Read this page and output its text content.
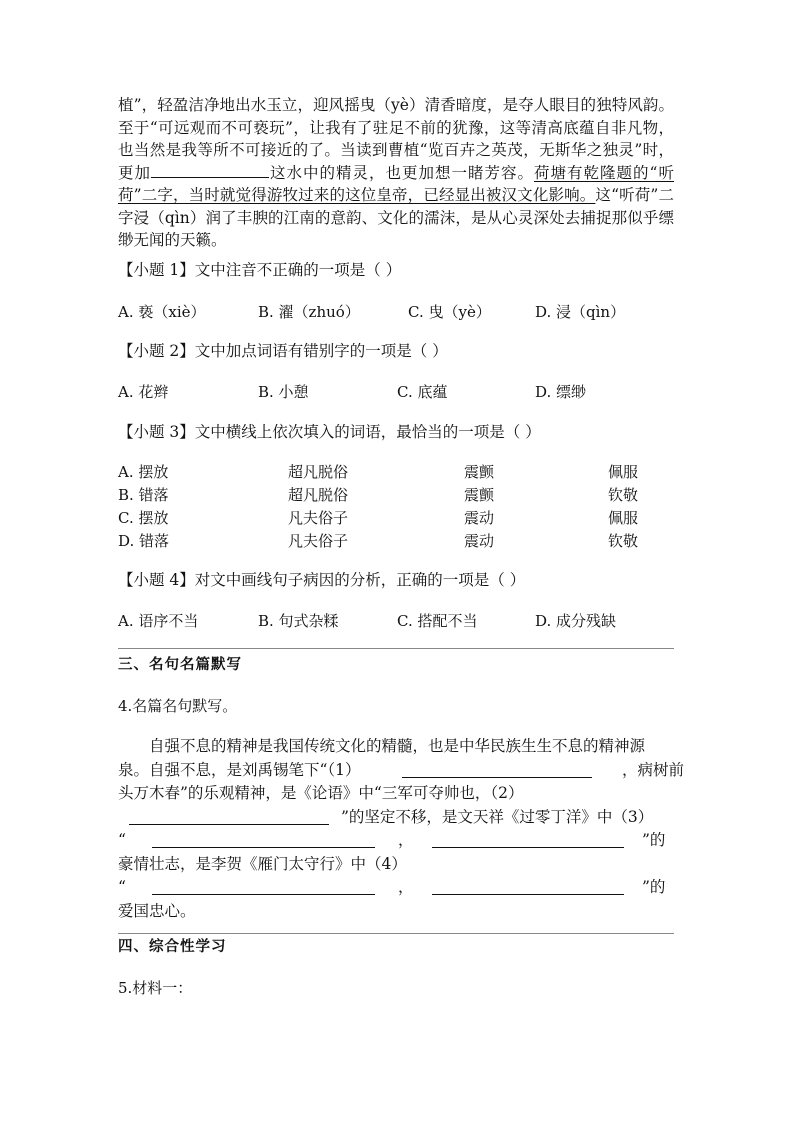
植”，轻盈洁净地出水玉立，迎风摇曳（yè）清香暗度，是夺人眼目的独特风韵。至于“可远观而不可亵玩”，让我有了驻足不前的犹豫，这等清高底蕴自非凡物，也当然是我等所不可接近的了。当读到曹植“览百卉之英茂，无斯华之独灵”时，更加	这水中的精灵，也更加想一睹芳容。荷塘有乾隆题的“听荷”二字，当时就觉得游牧过来的这位皇帝，已经显出被汉文化影响。这“听荷”二字浸（qìn）润了丰腴的江南的意韵、文化的濡沫，是从心灵深处去捕捉那似乎缥缈无闻的天籁。

【小题 1】文中注音不正确的一项是（ ）

A. 亵（xiè）	B. 濯（zhuó）	C. 曳（yè）	D. 浸（qìn）

【小题 2】文中加点词语有错别字的一项是（ ）

A. 花辫	B. 小憩	C. 底蕴	D. 缥缈

【小题 3】文中横线上依次填入的词语，最恰当的一项是（ ）

A. 摆放	超凡脱俗	震颤	佩服
B. 错落	超凡脱俗	震颤	钦敬
C. 摆放	凡夫俗子	震动	佩服
D. 错落	凡夫俗子	震动	钦敬

【小题 4】对文中画线句子病因的分析，正确的一项是（ ）

A. 语序不当	B. 句式杂糅	C. 搭配不当	D. 成分残缺
三、名句名篇默写
4.名篇名句默写。
自强不息的精神是我国传统文化的精髓，也是中华民族生生不息的精神源
泉。自强不息，是刘禹锡笔下“（1）	，病树前
头万木春”的乐观精神，是《论语》中“三军可夺帅也，（2）
”的坚定不移，是文天祥《过零丁洋》中（3）
“	，	”的
豪情壮志，是李贺《雁门太守行》中（4）
“	，	”的
爱国忠心。
四、综合性学习
5.材料一：
